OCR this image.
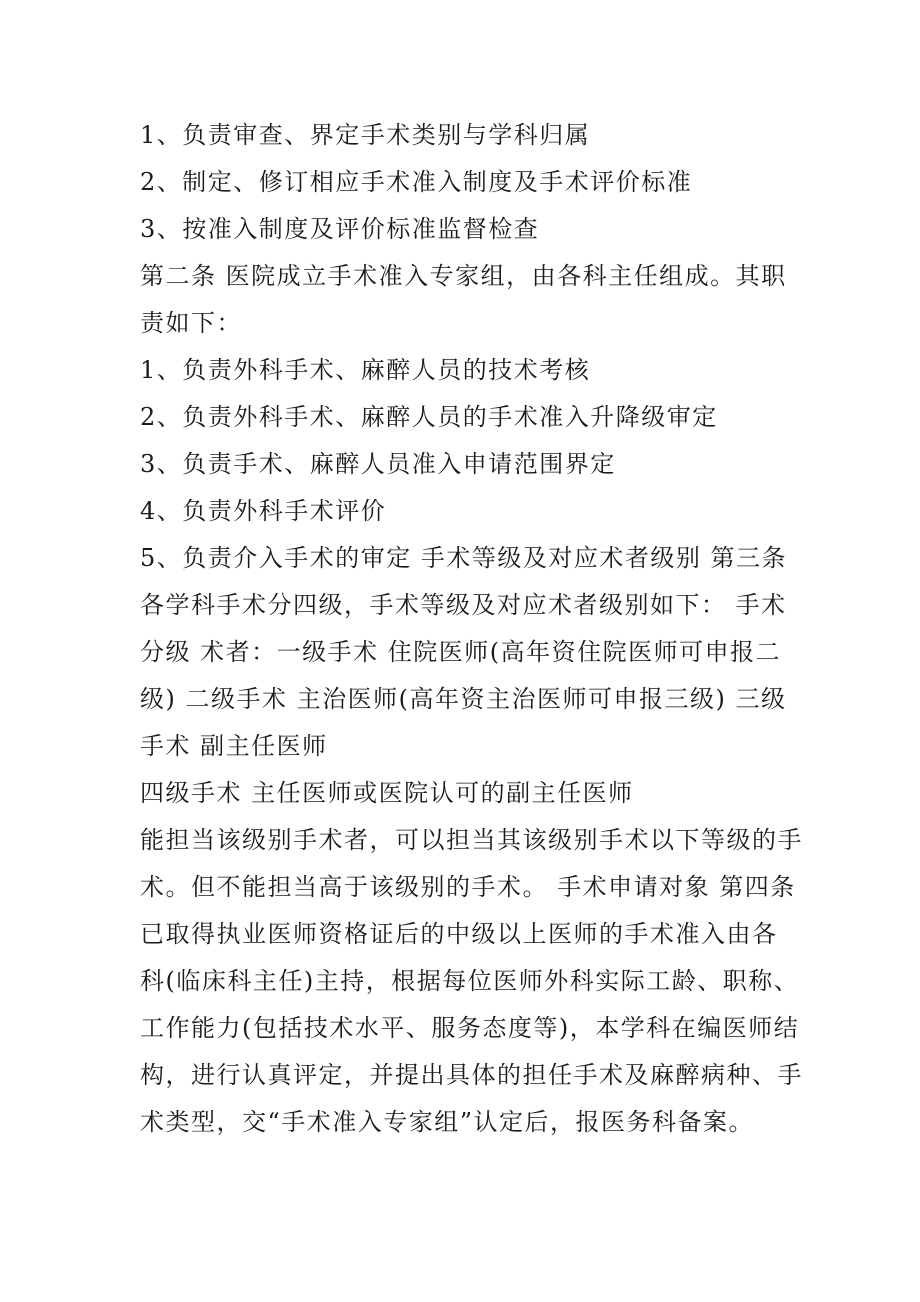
1、负责审查、界定手术类别与学科归属

2、制定、修订相应手术准入制度及手术评价标准

3、按准入制度及评价标准监督检查

第二条 医院成立手术准入专家组，由各科主任组成。其职

责如下：

1、负责外科手术、麻醉人员的技术考核

2、负责外科手术、麻醉人员的手术准入升降级审定

3、负责手术、麻醉人员准入申请范围界定

4、负责外科手术评价

5、负责介入手术的审定 手术等级及对应术者级别 第三条

各学科手术分四级，手术等级及对应术者级别如下： 手术

分级 术者：一级手术 住院医师(高年资住院医师可申报二

级) 二级手术 主治医师(高年资主治医师可申报三级) 三级

手术 副主任医师

四级手术 主任医师或医院认可的副主任医师

能担当该级别手术者，可以担当其该级别手术以下等级的手

术。但不能担当高于该级别的手术。 手术申请对象 第四条

已取得执业医师资格证后的中级以上医师的手术准入由各

科(临床科主任)主持，根据每位医师外科实际工龄、职称、

工作能力(包括技术水平、服务态度等)，本学科在编医师结

构，进行认真评定，并提出具体的担任手术及麻醉病种、手

术类型，交“手术准入专家组”认定后，报医务科备案。
